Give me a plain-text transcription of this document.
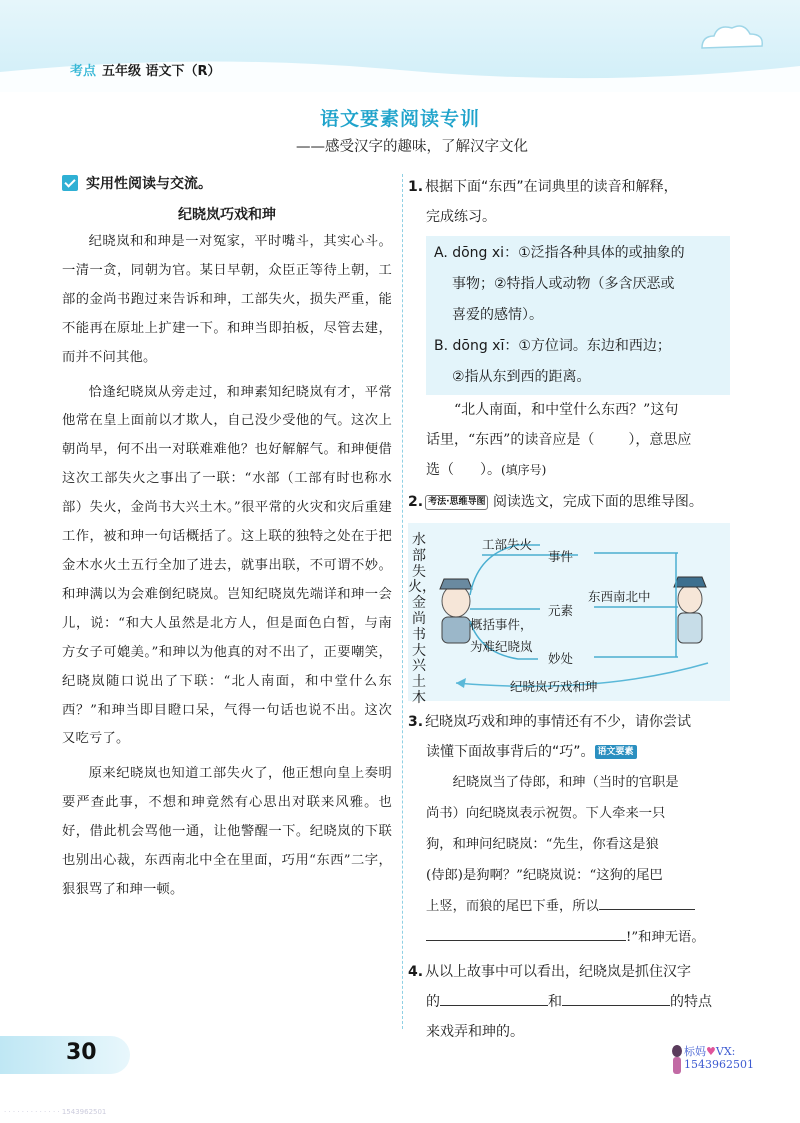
考点 五年级 语文下（R）
语文要素阅读专训
——感受汉字的趣味，了解汉字文化
实用性阅读与交流。
纪晓岚巧戏和珅

纪晓岚和和珅是一对冤家，平时嘴斗，其实心斗。一清一贪，同朝为官。某日早朝，众臣正等待上朝，工部的金尚书跑过来告诉和珅，工部失火，损失严重，能不能再在原址上扩建一下。和珅当即拍板，尽管去建，而并不问其他。

恰逢纪晓岚从旁走过，和珅素知纪晓岚有才，平常他常在皇上面前以才欺人，自己没少受他的气。这次上朝尚早，何不出一对联难难他？也好解解气。和珅便借这次工部失火之事出了一联：“水部（工部有时也称水部）失火，金尚书大兴土木。”很平常的火灾和灾后重建工作，被和珅一句话概括了。这上联的独特之处在于把金木水火土五行全加了进去，就事出联，不可谓不妙。和珅满以为会难倒纪晓岚。岂知纪晓岚先端详和珅一会儿，说：“和大人虽然是北方人，但是面色白皙，与南方女子可媲美。”和珅以为他真的对不出了，正要嘲笑，纪晓岚随口说出了下联：“北人南面，和中堂什么东西？”和珅当即目瞪口呆，气得一句话也说不出。这次又吃亏了。

原来纪晓岚也知道工部失火了，他正想向皇上奏明要严查此事，不想和珅竟然有心思出对联来风雅。也好，借此机会骂他一通，让他警醒一下。纪晓岚的下联也别出心裁，东西南北中全在里面，巧用“东西”二字，狠狠骂了和珅一顿。

1. 根据下面“东西”在词典里的读音和解释，
完成练习。
A. dōng xi：①泛指各种具体的或抽象的
事物；②特指人或动物（多含厌恶或
喜爱的感情）。
B. dōng xī：①方位词。东边和西边；
②指从东到西的距离。
“北人南面，和中堂什么东西？”这句
话里，“东西”的读音应是（ ），意思应
选（ ）。(填序号)
2. 考法·思维导图 阅读选文，完成下面的思维导图。
水部失火，金尚书大兴土木
工部失火
事件
元素
东西南北中
概括事件，
为难纪晓岚
妙处
纪晓岚巧戏和珅
3. 纪晓岚巧戏和珅的事情还有不少，请你尝试
读懂下面故事背后的“巧”。 语文要素
纪晓岚当了侍郎，和珅（当时的官职是
尚书）向纪晓岚表示祝贺。下人牵来一只
狗，和珅问纪晓岚：“先生，你看这是狼
(侍郎)是狗啊？”纪晓岚说：“这狗的尾巴
上竖，而狼的尾巴下垂，所以
!”和珅无语。
4. 从以上故事中可以看出，纪晓岚是抓住汉字
的	和	的特点
来戏弄和珅的。
30	标妈♥VX:
1543962501
· · · · · · · · · · · · · 1543962501
